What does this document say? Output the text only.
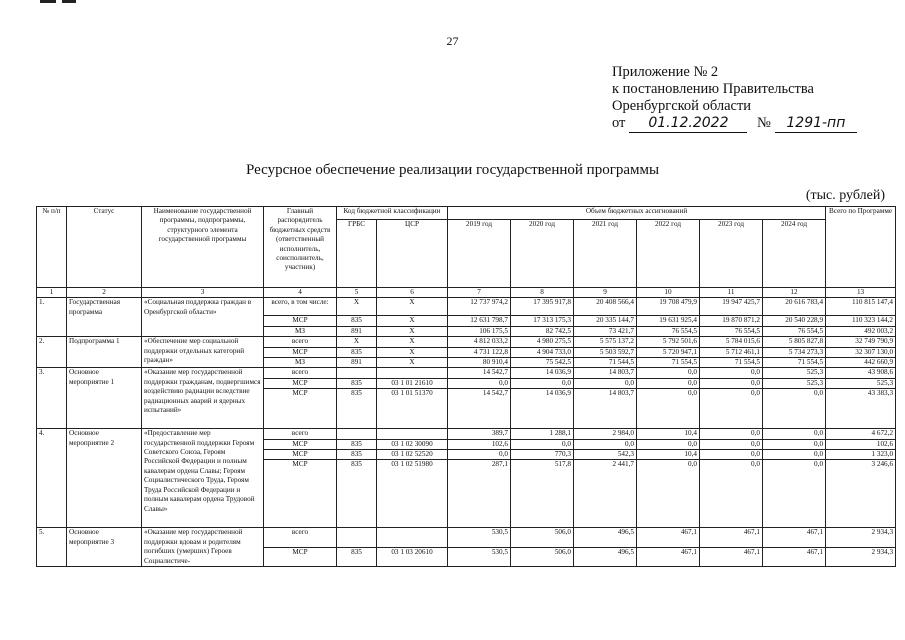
27
Приложение № 2
к постановлению Правительства
Оренбургской области
от 01.12.2022 № 1291-пп
Ресурсное обеспечение реализации государственной программы
(тыс. рублей)
№ п/п	Статус	Наименование государственной программы, подпрограммы, структурного элемента государственной программы	Главный распорядитель бюджетных средств (ответственный исполнитель, соисполнитель, участник)	Код бюджетной классификации		Объем бюджетных ассигнований						Всего по Программе
				ГРБС	ЦСР	2019 год	2020 год	2021 год	2022 год	2023 год	2024 год	
1	2	3	4	5	6	7	8	9	10	11	12	13
1.	Государственная программа	«Социальная поддержка граждан в Оренбургской области»	всего, в том числе:	Х	Х	12 737 974,2	17 395 917,8	20 408 566,4	19 708 479,9	19 947 425,7	20 616 783,4	110 815 147,4
			МСР	835	Х	12 631 798,7	17 313 175,3	20 335 144,7	19 631 925,4	19 870 871,2	20 540 228,9	110 323 144,2
			МЗ	891	Х	106 175,5	82 742,5	73 421,7	76 554,5	76 554,5	76 554,5	492 003,2
2.	Подпрограмма 1	«Обеспечение мер социальной поддержки отдельных категорий граждан»	всего	Х	Х	4 812 033,2	4 980 275,5	5 575 137,2	5 792 501,6	5 784 015,6	5 805 827,8	32 749 790,9
			МСР	835	Х	4 731 122,8	4 904 733,0	5 503 592,7	5 720 947,1	5 712 461,1	5 734 273,3	32 307 130,0
			МЗ	891	Х	80 910,4	75 542,5	71 544,5	71 554,5	71 554,5	71 554,5	442 660,9
3.	Основное мероприятие 1	«Оказание мер государственной поддержки гражданам, подвергшимся воздействию радиации вследствие радиационных аварий и ядерных испытаний»	всего			14 542,7	14 036,9	14 803,7	0,0	0,0	525,3	43 908,6
			МСР	835	03 1 01 21610	0,0	0,0	0,0	0,0	0,0	525,3	525,3
			МСР	835	03 1 01 51370	14 542,7	14 036,9	14 803,7	0,0	0,0	0,0	43 383,3
4.	Основное мероприятие 2	«Предоставление мер государственной поддержки Героям Советского Союза, Героям Российской Федерации и полным кавалерам ордена Славы; Героям Социалистического Труда, Героям Труда Российской Федерации и полным кавалерам ордена Трудовой Славы»	всего			389,7	1 288,1	2 984,0	10,4	0,0	0,0	4 672,2
			МСР	835	03 1 02 30090	102,6	0,0	0,0	0,0	0,0	0,0	102,6
			МСР	835	03 1 02 52520	0,0	770,3	542,3	10,4	0,0	0,0	1 323,0
			МСР	835	03 1 02 51980	287,1	517,8	2 441,7	0,0	0,0	0,0	3 246,6
5.	Основное мероприятие 3	«Оказание мер государственной поддержки вдовам и родителям погибших (умерших) Героев Социалистиче-	всего			530,5	506,0	496,5	467,1	467,1	467,1	2 934,3
			МСР	835	03 1 03 20610	530,5	506,0	496,5	467,1	467,1	467,1	2 934,3
